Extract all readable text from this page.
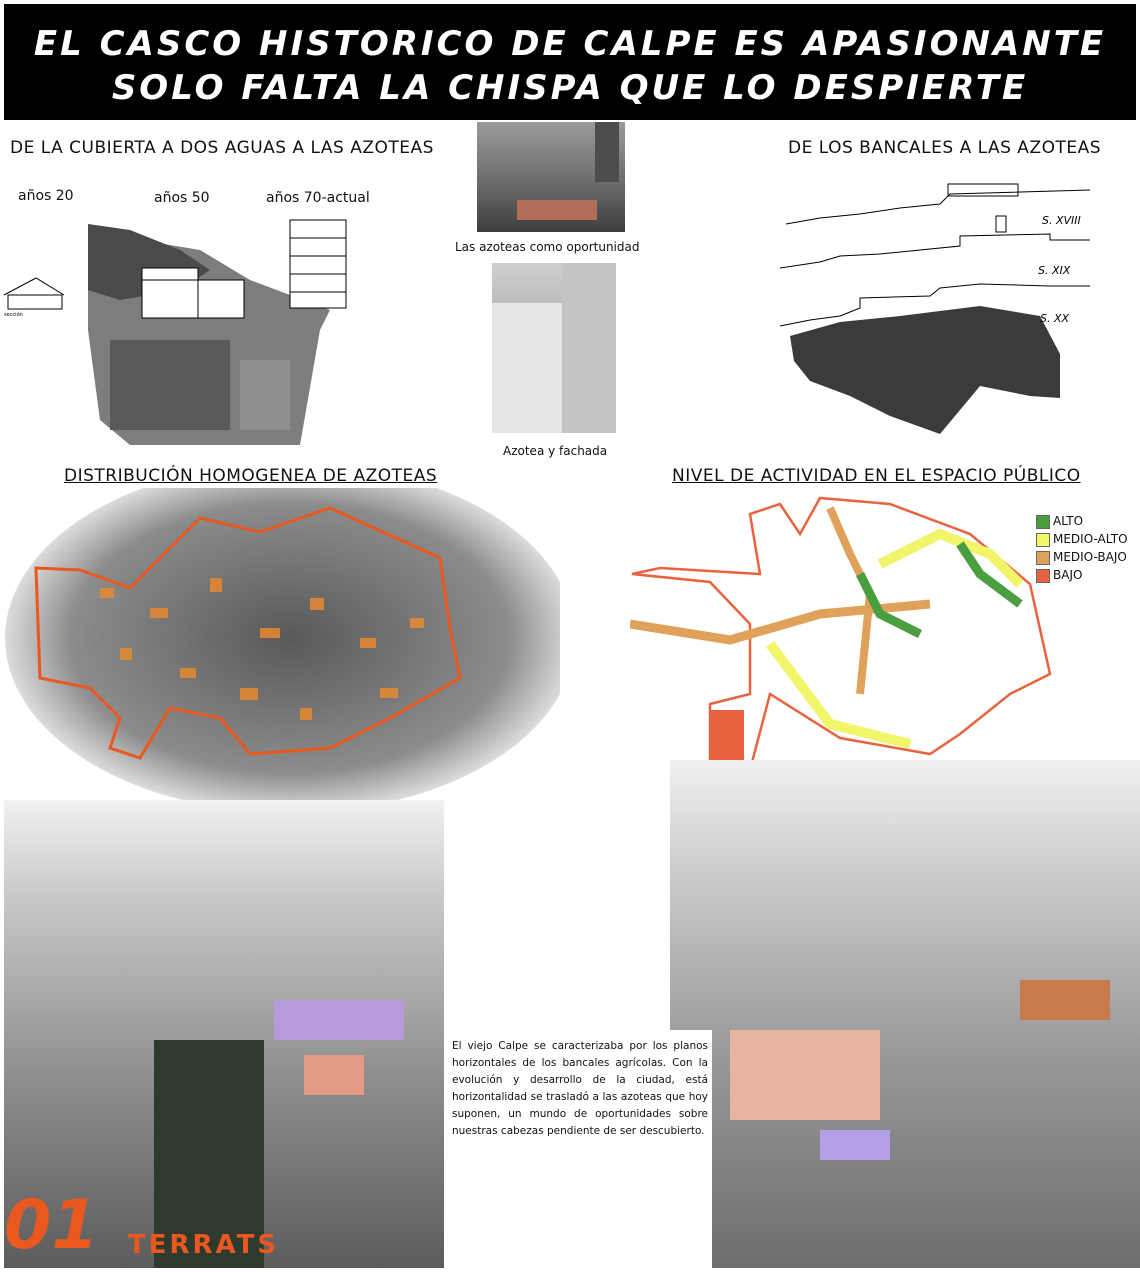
EL CASCO HISTORICO DE CALPE ES APASIONANTE
SOLO FALTA LA CHISPA QUE LO DESPIERTE
DE LA CUBIERTA A DOS AGUAS A LAS AZOTEAS
años 20	años 50	años 70-actual
sección
Las azoteas como oportunidad
Azotea y fachada
DE LOS BANCALES A LAS AZOTEAS
S. XVIII
S. XIX
S. XX
DISTRIBUCIÓN HOMOGENEA DE AZOTEAS	NIVEL DE ACTIVIDAD EN EL ESPACIO PÚBLICO
ALTO
MEDIO-ALTO
MEDIO-BAJO
BAJO
El viejo Calpe se caracterizaba por los planos horizontales de los bancales agrícolas. Con la evolución y desarrollo de la ciudad, está horizontalidad se trasladó a las azoteas que hoy suponen, un mundo de oportunidades sobre nuestras cabezas pendiente de ser descubierto.
01 TERRATS
